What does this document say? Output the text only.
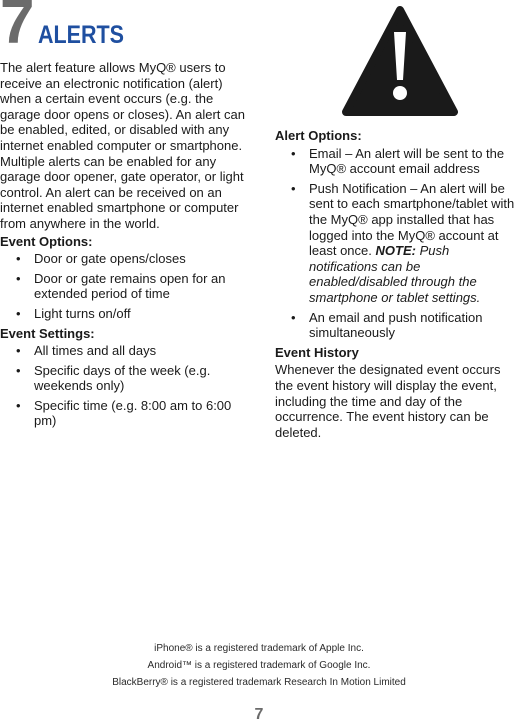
7 ALERTS

The alert feature allows MyQ® users to receive an electronic notification (alert) when a certain event occurs (e.g. the garage door opens or closes). An alert can be enabled, edited, or disabled with any internet enabled computer or smartphone. Multiple alerts can be enabled for any garage door opener, gate operator, or light control. An alert can be received on an internet enabled smartphone or computer from anywhere in the world.

Event Options:

• Door or gate opens/closes
• Door or gate remains open for an extended period of time
• Light turns on/off

Event Settings:

• All times and all days
• Specific days of the week (e.g. weekends only)
• Specific time (e.g. 8:00 am to 6:00 pm)

Alert Options:

• Email – An alert will be sent to the MyQ® account email address
• Push Notification – An alert will be sent to each smartphone/tablet with the MyQ® app installed that has logged into the MyQ® account at least once. NOTE: Push notifications can be enabled/disabled through the smartphone or tablet settings.
• An email and push notification simultaneously

Event History

Whenever the designated event occurs the event history will display the event, including the time and day of the occurrence. The event history can be deleted.

iPhone® is a registered trademark of Apple Inc.
Android™ is a registered trademark of Google Inc.
BlackBerry® is a registered trademark Research In Motion Limited
7
